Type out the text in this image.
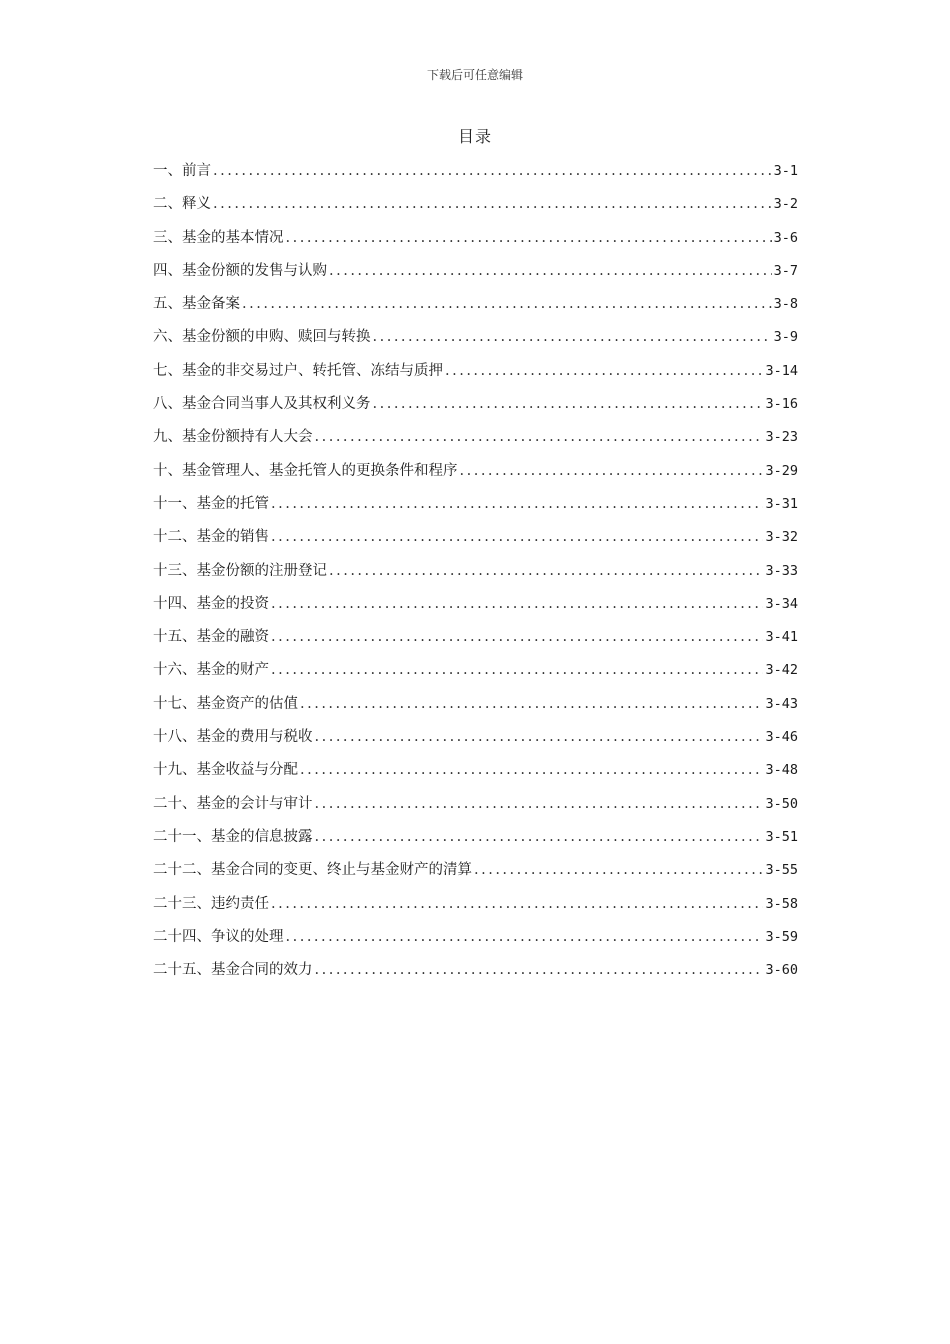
下载后可任意编辑
目录
一、前言 .....	3-1
二、释义 .....	3-2
三、基金的基本情况 .....	3-6
四、基金份额的发售与认购 .....	3-7
五、基金备案 .....	3-8
六、基金份额的申购、赎回与转换 .....	3-9
七、基金的非交易过户、转托管、冻结与质押 .....	3-14
八、基金合同当事人及其权利义务 .....	3-16
九、基金份额持有人大会 .....	3-23
十、基金管理人、基金托管人的更换条件和程序 .....	3-29
十一、基金的托管 .....	3-31
十二、基金的销售 .....	3-32
十三、基金份额的注册登记 .....	3-33
十四、基金的投资 .....	3-34
十五、基金的融资 .....	3-41
十六、基金的财产 .....	3-42
十七、基金资产的估值 .....	3-43
十八、基金的费用与税收 .....	3-46
十九、基金收益与分配 .....	3-48
二十、基金的会计与审计 .....	3-50
二十一、基金的信息披露 .....	3-51
二十二、基金合同的变更、终止与基金财产的清算 .....	3-55
二十三、违约责任 .....	3-58
二十四、争议的处理 .....	3-59
二十五、基金合同的效力 .....	3-60
